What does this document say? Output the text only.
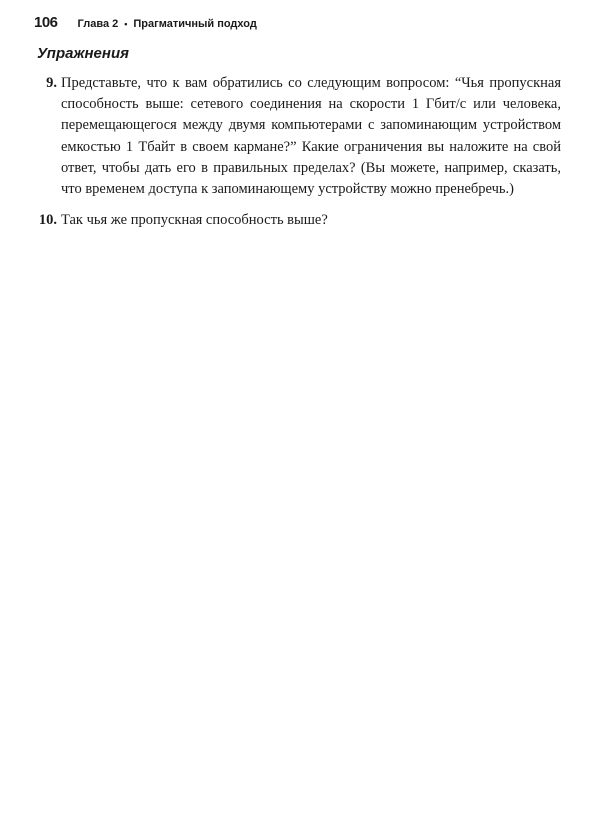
106 Глава 2 • Прагматичный подход
Упражнения
9. Представьте, что к вам обратились со следующим вопросом: “Чья пропускная способность выше: сетевого соединения на скорости 1 Гбит/с или человека, перемещающегося между двумя компьютерами с запоминающим устройством емкостью 1 Тбайт в своем кармане?” Какие ограничения вы наложите на свой ответ, чтобы дать его в правильных пределах? (Вы можете, например, сказать, что временем доступа к запоминающему устройству можно пренебречь.)
10. Так чья же пропускная способность выше?
